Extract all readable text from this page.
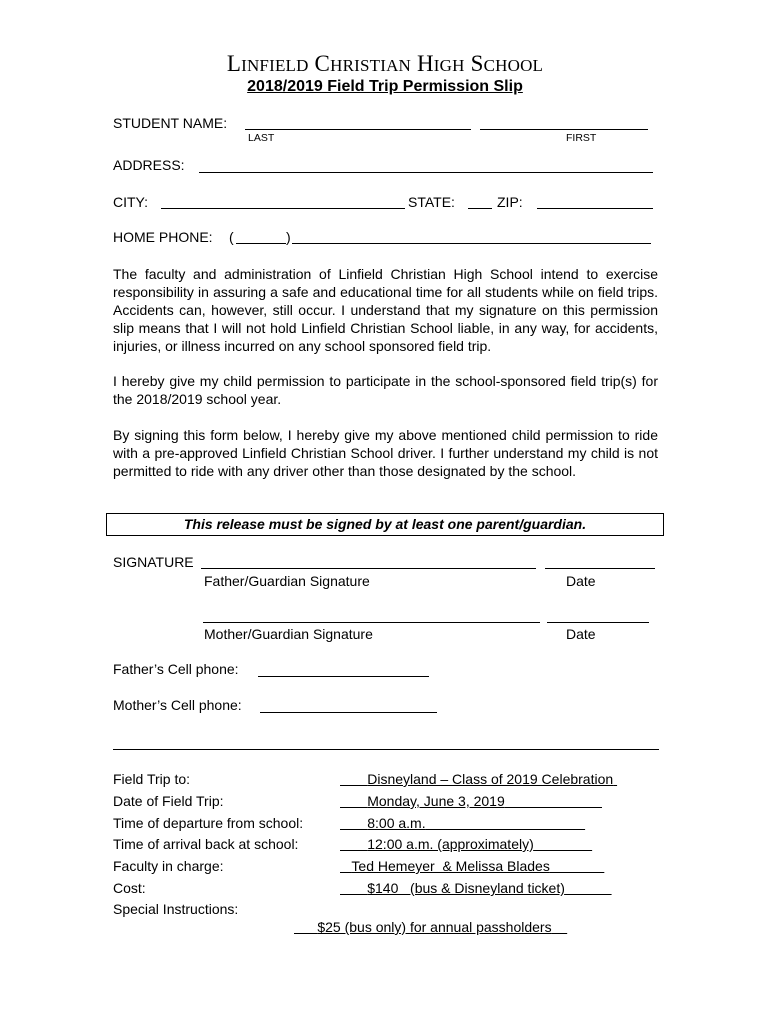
LINFIELD CHRISTIAN HIGH SCHOOL
2018/2019 Field Trip Permission Slip
STUDENT NAME:
LAST	FIRST
ADDRESS:
CITY:	STATE:	ZIP:
HOME PHONE: (	)
The faculty and administration of Linfield Christian High School intend to exercise responsibility in assuring a safe and educational time for all students while on field trips. Accidents can, however, still occur. I understand that my signature on this permission slip means that I will not hold Linfield Christian School liable, in any way, for accidents, injuries, or illness incurred on any school sponsored field trip.
I hereby give my child permission to participate in the school-sponsored field trip(s) for the 2018/2019 school year.
By signing this form below, I hereby give my above mentioned child permission to ride with a pre-approved Linfield Christian School driver. I further understand my child is not permitted to ride with any driver other than those designated by the school.
This release must be signed by at least one parent/guardian.
SIGNATURE
Father/Guardian Signature	Date
Mother/Guardian Signature	Date
Father’s Cell phone:
Mother’s Cell phone:
Field Trip to:	Disneyland – Class of 2019 Celebration
Date of Field Trip:	Monday, June 3, 2019
Time of departure from school:	8:00 a.m.
Time of arrival back at school:	12:00 a.m. (approximately)
Faculty in charge:	Ted Hemeyer  & Melissa Blades
Cost:	$140   (bus & Disneyland ticket)
Special Instructions:
$25 (bus only) for annual passholders
